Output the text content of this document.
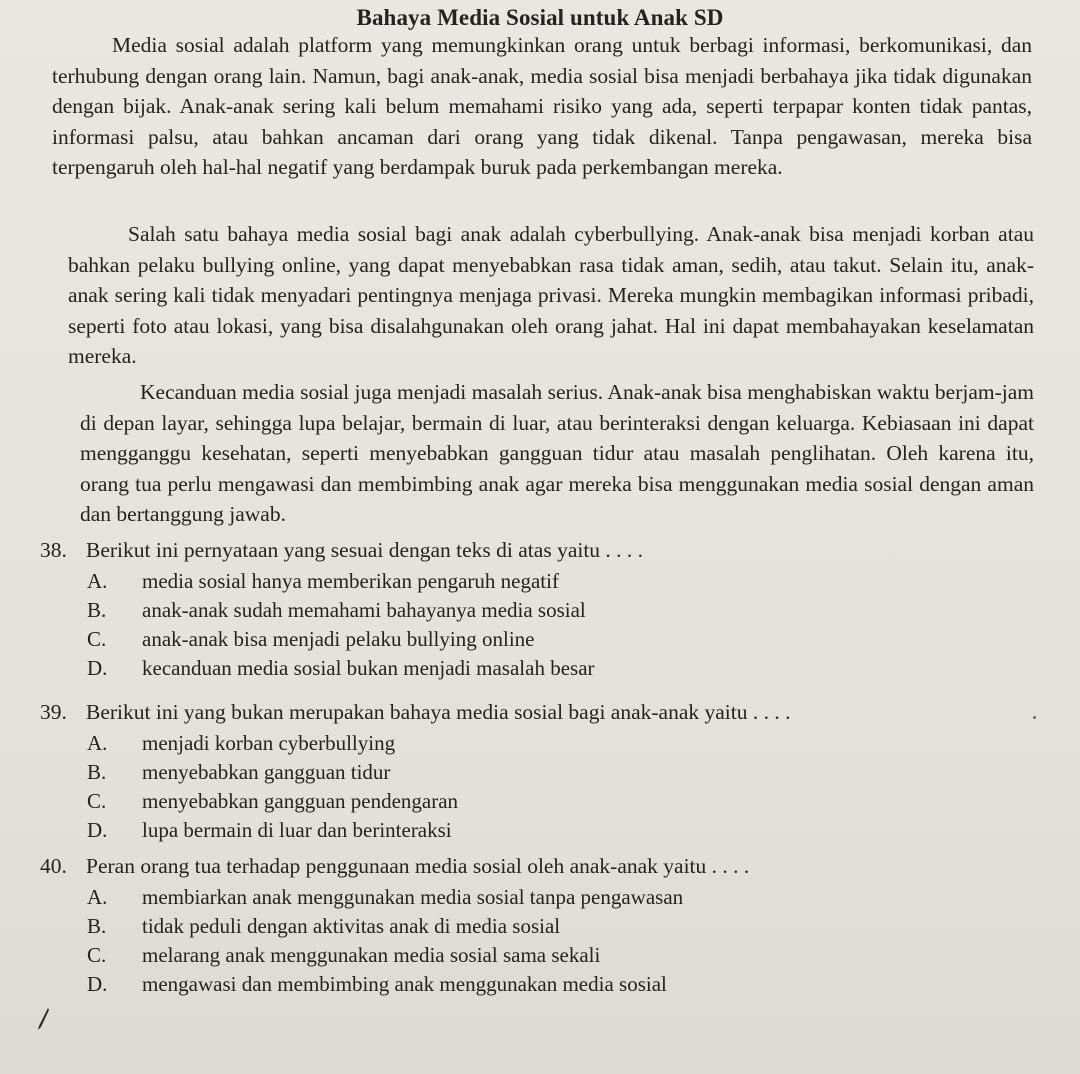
Bahaya Media Sosial untuk Anak SD

Media sosial adalah platform yang memungkinkan orang untuk berbagi informasi, berkomunikasi, dan terhubung dengan orang lain. Namun, bagi anak-anak, media sosial bisa menjadi berbahaya jika tidak digunakan dengan bijak. Anak-anak sering kali belum memahami risiko yang ada, seperti terpapar konten tidak pantas, informasi palsu, atau bahkan ancaman dari orang yang tidak dikenal. Tanpa pengawasan, mereka bisa terpengaruh oleh hal-hal negatif yang berdampak buruk pada perkembangan mereka.

Salah satu bahaya media sosial bagi anak adalah cyberbullying. Anak-anak bisa menjadi korban atau bahkan pelaku bullying online, yang dapat menyebabkan rasa tidak aman, sedih, atau takut. Selain itu, anak-anak sering kali tidak menyadari pentingnya menjaga privasi. Mereka mungkin membagikan informasi pribadi, seperti foto atau lokasi, yang bisa disalahgunakan oleh orang jahat. Hal ini dapat membahayakan keselamatan mereka.

Kecanduan media sosial juga menjadi masalah serius. Anak-anak bisa menghabiskan waktu berjam-jam di depan layar, sehingga lupa belajar, bermain di luar, atau berinteraksi dengan keluarga. Kebiasaan ini dapat mengganggu kesehatan, seperti menyebabkan gangguan tidur atau masalah penglihatan. Oleh karena itu, orang tua perlu mengawasi dan membimbing anak agar mereka bisa menggunakan media sosial dengan aman dan bertanggung jawab.

38. Berikut ini pernyataan yang sesuai dengan teks di atas yaitu . . . .
A.	media sosial hanya memberikan pengaruh negatif
B.	anak-anak sudah memahami bahayanya media sosial
C.	anak-anak bisa menjadi pelaku bullying online
D.	kecanduan media sosial bukan menjadi masalah besar
39. Berikut ini yang bukan merupakan bahaya media sosial bagi anak-anak yaitu . . . .
A.	menjadi korban cyberbullying
B.	menyebabkan gangguan tidur
C.	menyebabkan gangguan pendengaran
D.	lupa bermain di luar dan berinteraksi
40. Peran orang tua terhadap penggunaan media sosial oleh anak-anak yaitu . . . .
A.	membiarkan anak menggunakan media sosial tanpa pengawasan
B.	tidak peduli dengan aktivitas anak di media sosial
C.	melarang anak menggunakan media sosial sama sekali
D.	mengawasi dan membimbing anak menggunakan media sosial
